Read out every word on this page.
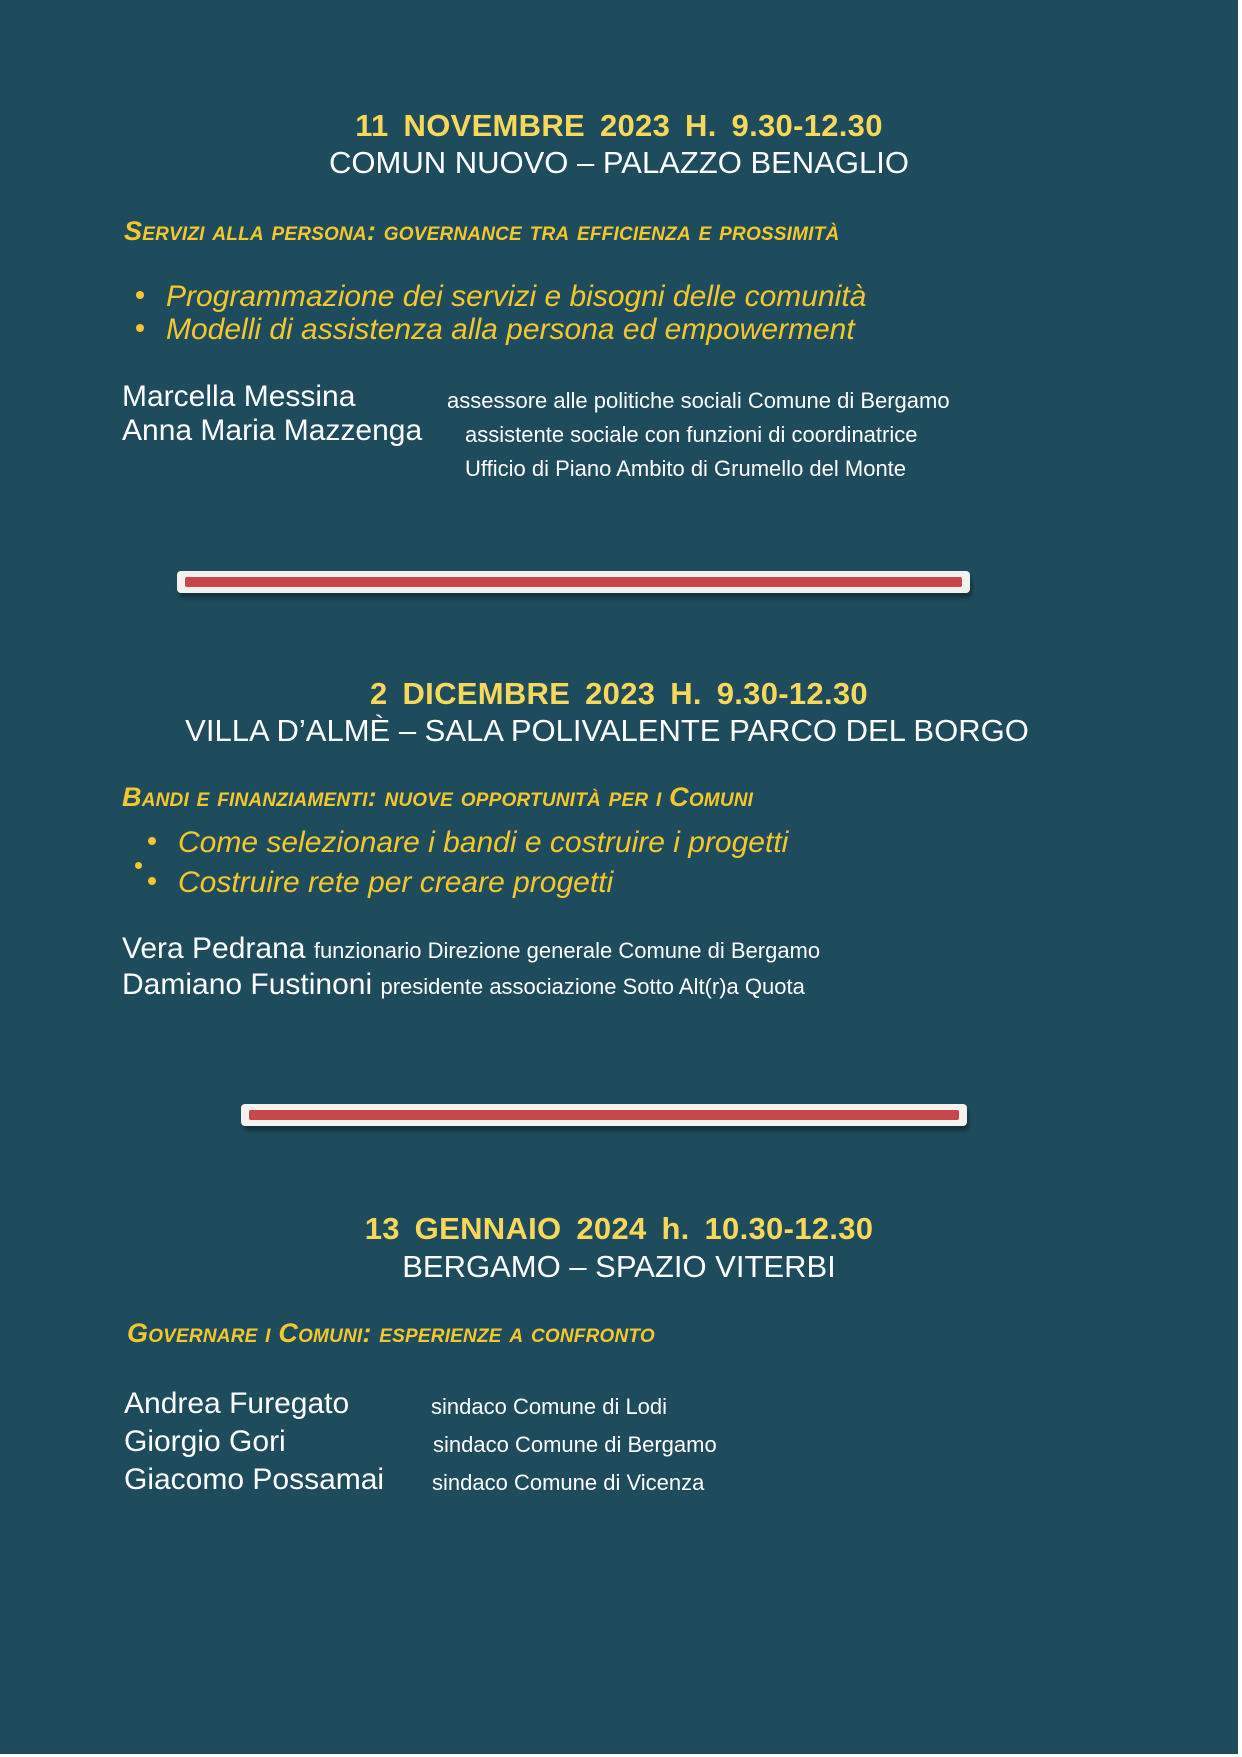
11 NOVEMBRE 2023 H. 9.30-12.30
COMUN NUOVO – PALAZZO BENAGLIO
Servizi alla persona: governance tra efficienza e prossimità
Programmazione dei servizi e bisogni delle comunità
Modelli di assistenza alla persona ed empowerment
Marcella Messina	assessore alle politiche sociali Comune di Bergamo
Anna Maria Mazzenga assistente sociale con funzioni di coordinatrice
Ufficio di Piano Ambito di Grumello del Monte
2 DICEMBRE 2023 H. 9.30-12.30
VILLA D’ALMÈ – SALA POLIVALENTE PARCO DEL BORGO
Bandi e finanziamenti: nuove opportunità per i Comuni
Come selezionare i bandi e costruire i progetti
Costruire rete per creare progetti
Vera Pedrana funzionario Direzione generale Comune di Bergamo
Damiano Fustinoni presidente associazione Sotto Alt(r)a Quota
13 GENNAIO 2024 h. 10.30-12.30
BERGAMO – SPAZIO VITERBI
Governare i Comuni: esperienze a confronto
Andrea Furegato	sindaco Comune di Lodi
Giorgio Gori	sindaco Comune di Bergamo
Giacomo Possamai sindaco Comune di Vicenza
